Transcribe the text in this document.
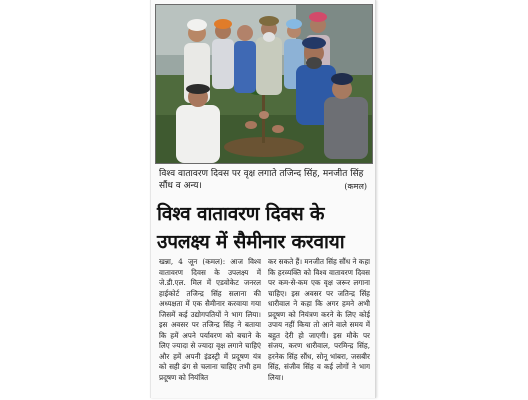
विश्व वातावरण दिवस पर वृक्ष लगाते तजिन्द सिंह, मनजीत सिंह सौंध व अन्य।	(कमल)
विश्व वातावरण दिवस के उपलक्ष्य में सैमीनार करवाया

खन्ना, 4 जून (कमल): आज विश्व वातावरण दिवस के उपलक्ष्य में जे.डी.एल. मिल में एडवोकेट जनरल हाईकोर्ट तजिन्द्र सिंह सलाना की अध्यक्षता में एक सैमीनार करवाया गया जिसमें कई उद्योगपतियों ने भाग लिया। इस अवसर पर तजिन्द्र सिंह ने बताया कि हमें अपने पर्यावरण को बचाने के लिए ज्यादा से ज्यादा वृक्ष लगाने चाहिएं और हमें अपनी इंडस्ट्री में प्रदूषण यंत्र को सही ढंग से चलाना चाहिए तभी हम प्रदूषण को नियंत्रित

कर सकते हैं। मनजीत सिंह सौंध ने कहा कि हरव्यक्ति को विश्व वातावरण दिवस पर कम-से-कम एक वृक्ष जरूर लगाना चाहिए। इस अवसर पर जतिन्द्र सिंह धारीवाल ने कहा कि अगर हमने अभी प्रदूषण को नियंत्रण करने के लिए कोई उपाय नहीं किया तो आने वाले समय में बहुत देरी हो जाएगी। इस मौके पर संजय, करण धारीवाल, परमिन्द्र सिंह, हरनेक सिंह सौंध, सोनू भांबरा, जसबीर सिंह, संजीव सिंह व कई लोगों ने भाग लिया।
